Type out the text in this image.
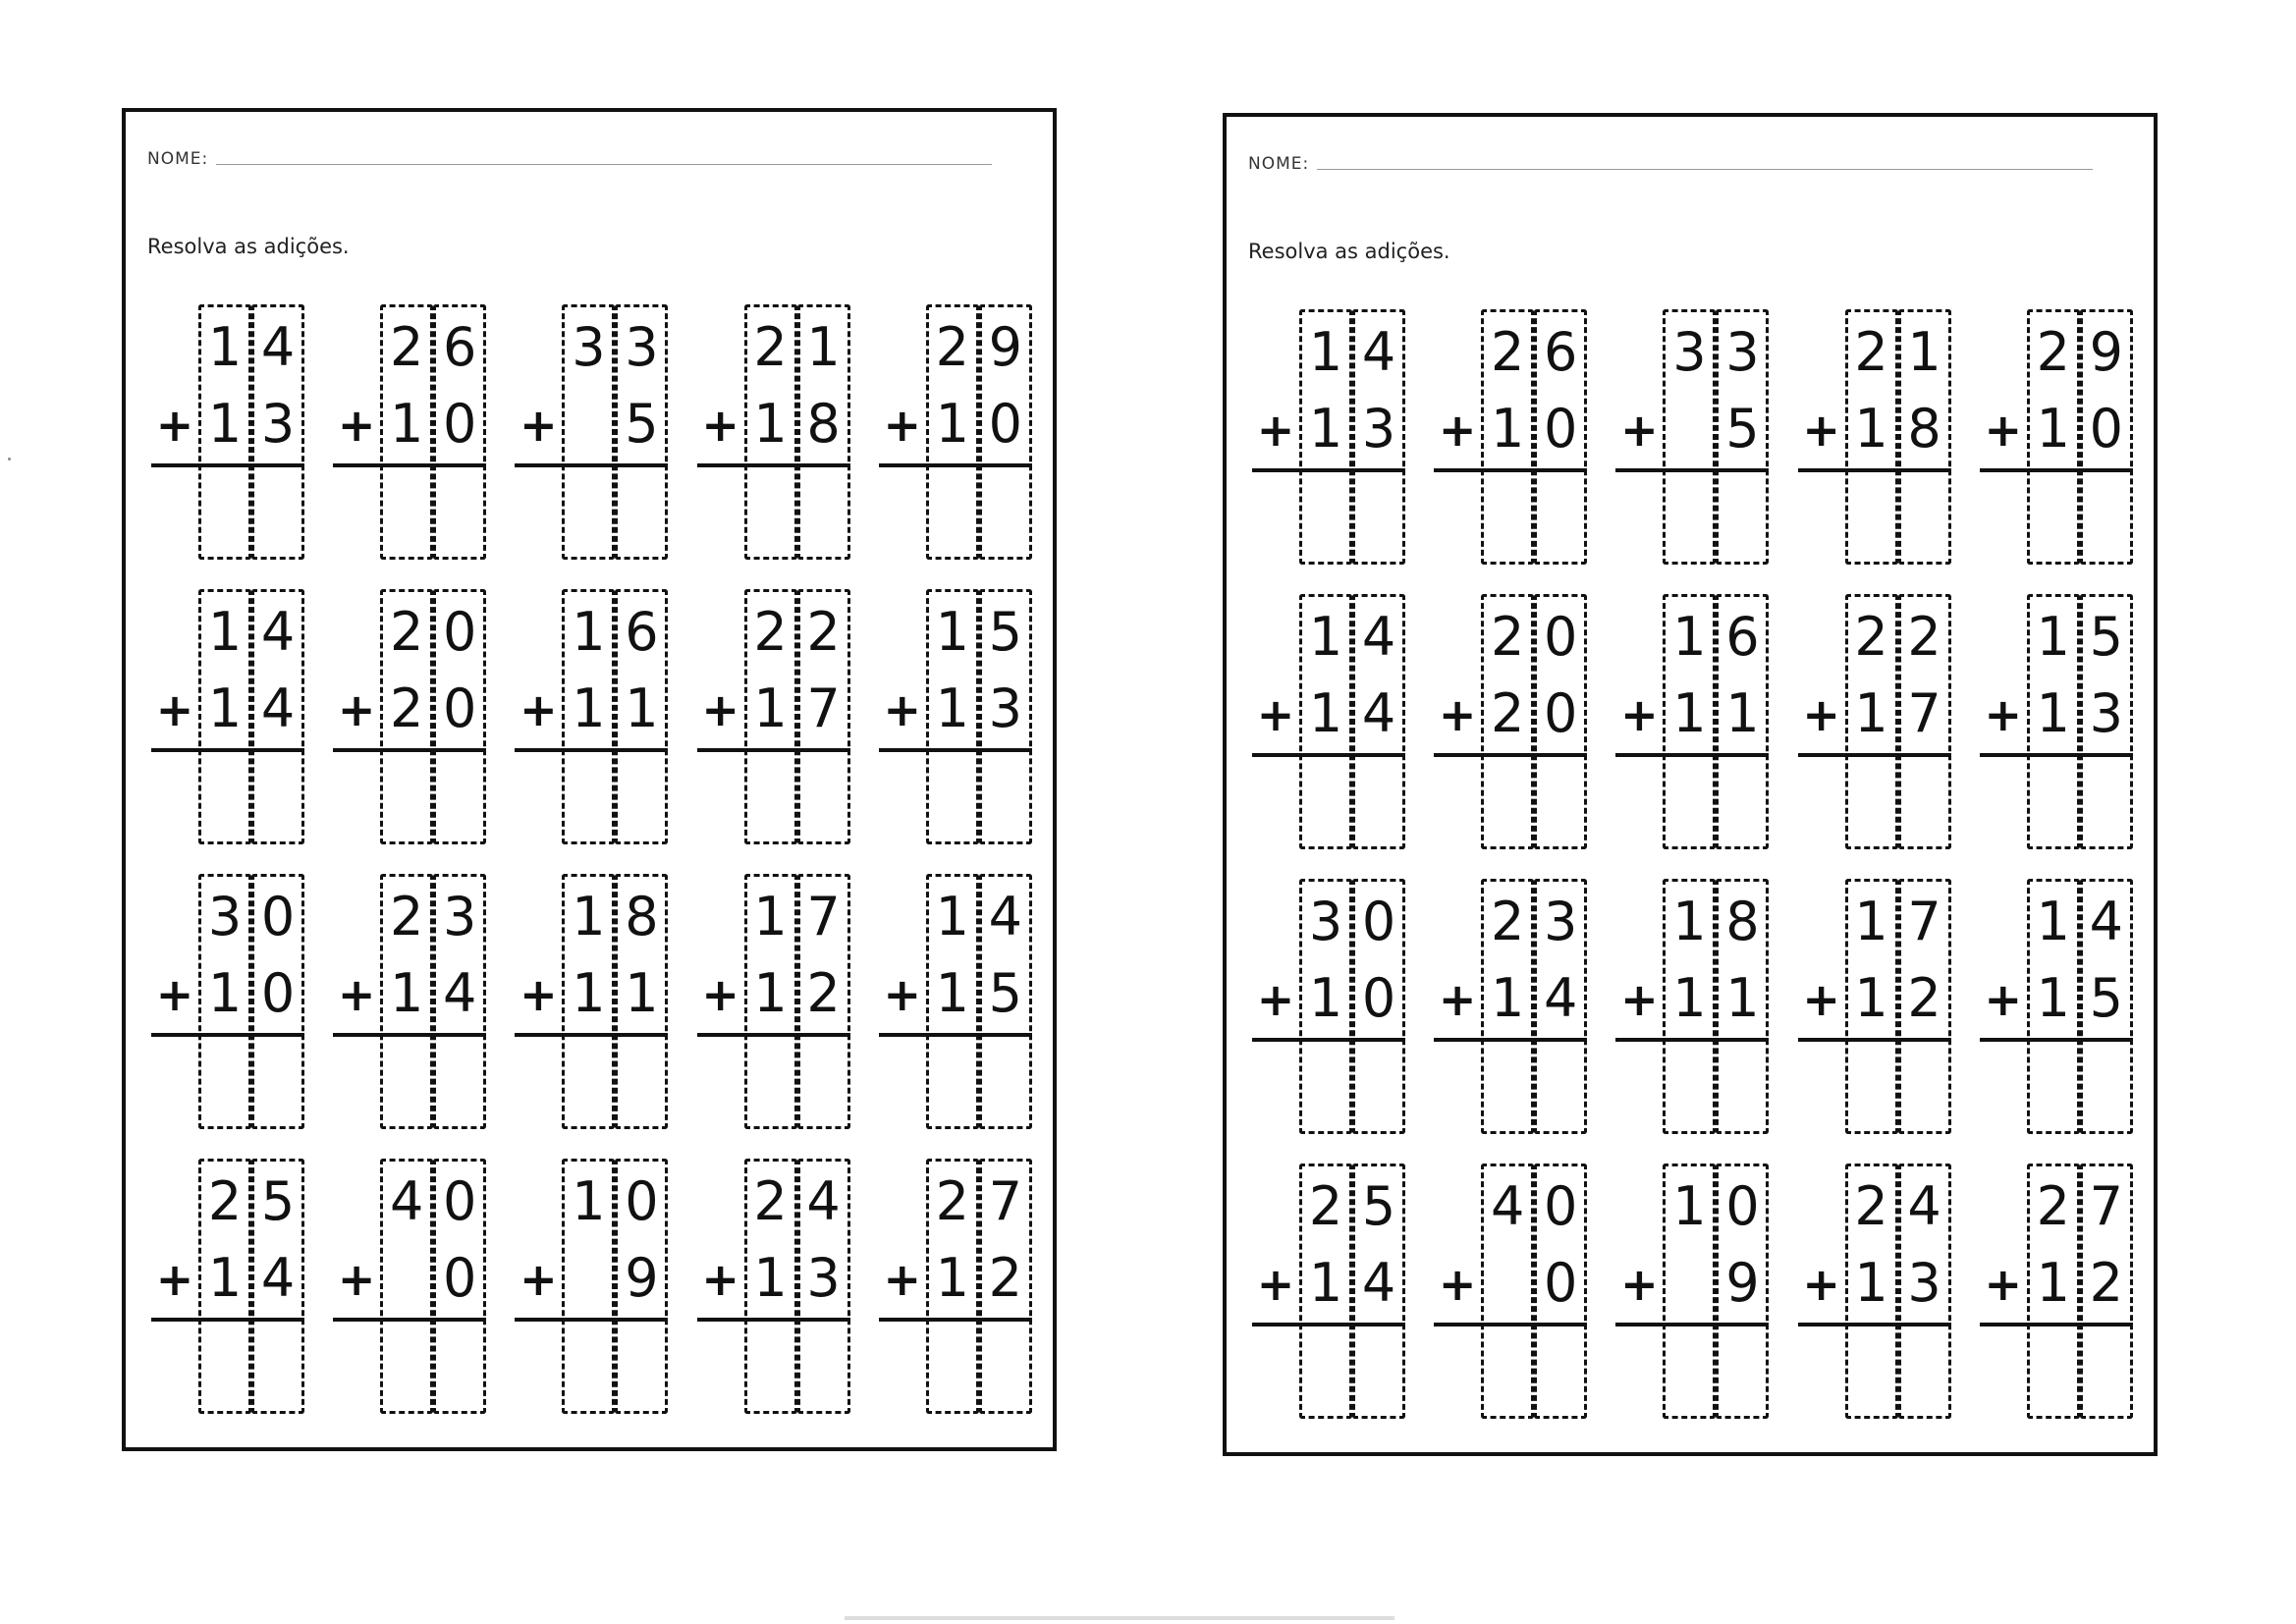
NOME:
Resolva as adições.
1 4
+ 1 3
2 6
+ 1 0
3 3
+ 5
2 1
+ 1 8
2 9
+ 1 0
1 4
+ 1 4
2 0
+ 2 0
1 6
+ 1 1
2 2
+ 1 7
1 5
+ 1 3
3 0
+ 1 0
2 3
+ 1 4
1 8
+ 1 1
1 7
+ 1 2
1 4
+ 1 5
2 5
+ 1 4
4 0
+ 0
1 0
+ 9
2 4
+ 1 3
2 7
+ 1 2
NOME:
Resolva as adições.
1 4
+ 1 3
2 6
+ 1 0
3 3
+ 5
2 1
+ 1 8
2 9
+ 1 0
1 4
+ 1 4
2 0
+ 2 0
1 6
+ 1 1
2 2
+ 1 7
1 5
+ 1 3
3 0
+ 1 0
2 3
+ 1 4
1 8
+ 1 1
1 7
+ 1 2
1 4
+ 1 5
2 5
+ 1 4
4 0
+ 0
1 0
+ 9
2 4
+ 1 3
2 7
+ 1 2
